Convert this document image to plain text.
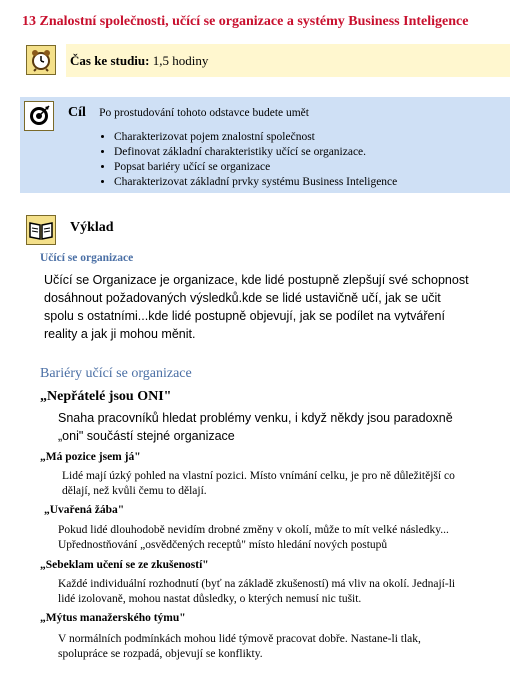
13 Znalostní společnosti, učící se organizace a systémy Business Inteligence
Čas ke studiu: 1,5 hodiny
Cíl Po prostudování tohoto odstavce budete umět
• Charakterizovat pojem znalostní společnost
• Definovat základní charakteristiky učící se organizace.
• Popsat bariéry učící se organizace
• Charakterizovat základní prvky systému Business Inteligence
Výklad
Učící se organizace
Učící se Organizace je organizace, kde lidé postupně zlepšují své schopnost
dosáhnout požadovaných výsledků.kde se lidé ustavičně učí, jak se učit
spolu s ostatními...kde lidé postupně objevují, jak se podílet na vytváření
reality a jak ji mohou měnit.
Bariéry učící se organizace
„Nepřátelé jsou ONI"
Snaha pracovníků hledat problémy venku, i když někdy jsou paradoxně
„oni" součástí stejné organizace
„Má pozice jsem já"
Lidé mají úzký pohled na vlastní pozici. Místo vnímání celku, je pro ně důležitější co
dělají, než kvůli čemu to dělají.
„Uvařená žába"
Pokud lidé dlouhodobě nevidím drobné změny v okolí, může to mít velké následky...
Upřednostňování „osvědčených receptů" místo hledání nových postupů
„Sebeklam učení se ze zkušeností"
Každé individuální rozhodnutí (byť na základě zkušeností) má vliv na okolí. Jednají-li
lidé izolovaně, mohou nastat důsledky, o kterých nemusí nic tušit.
„Mýtus manažerského týmu"
V normálních podmínkách mohou lidé týmově pracovat dobře. Nastane-li tlak,
spolupráce se rozpadá, objevují se konflikty.
